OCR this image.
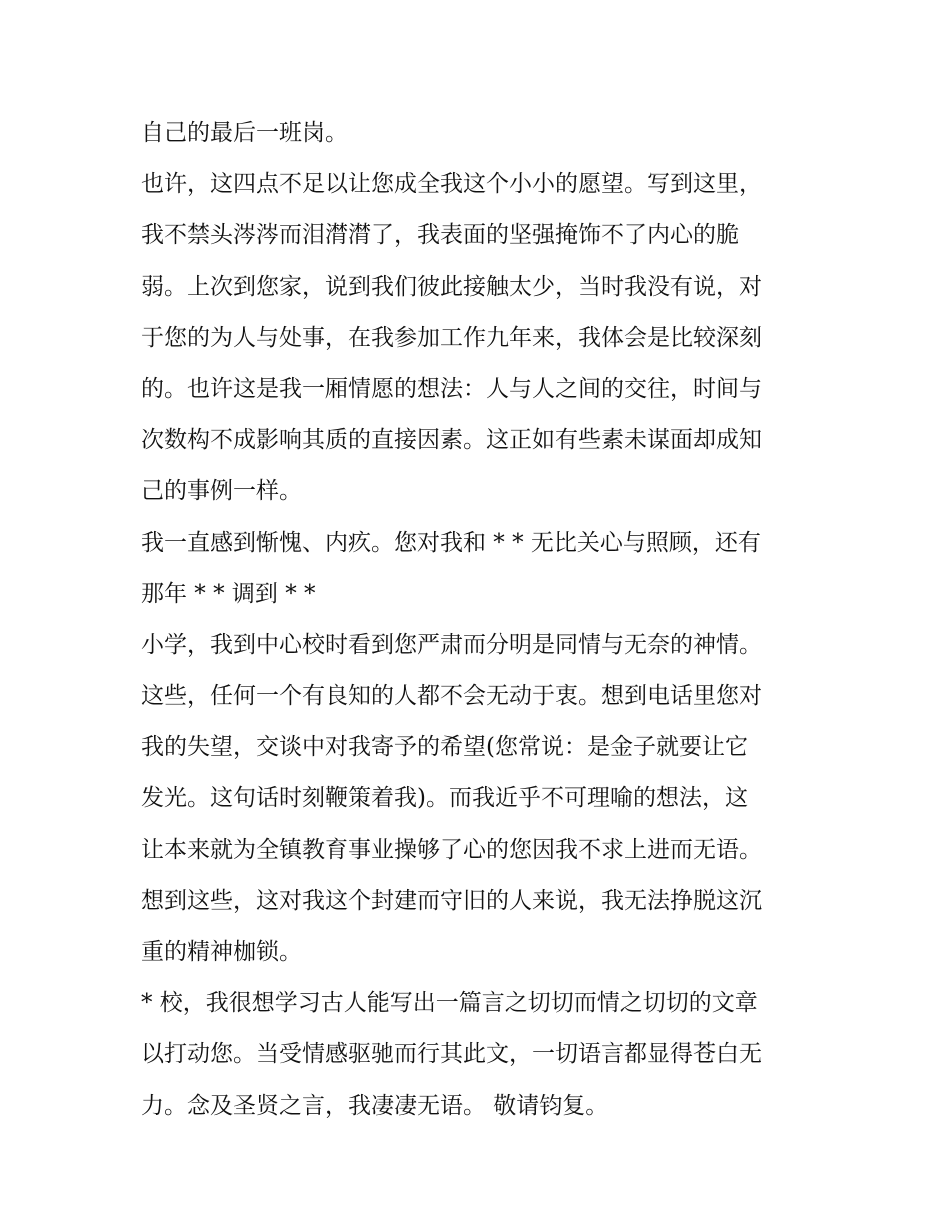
自己的最后一班岗。
也许，这四点不足以让您成全我这个小小的愿望。写到这里，
我不禁头涔涔而泪潸潸了，我表面的坚强掩饰不了内心的脆
弱。上次到您家，说到我们彼此接触太少，当时我没有说，对
于您的为人与处事，在我参加工作九年来，我体会是比较深刻
的。也许这是我一厢情愿的想法：人与人之间的交往，时间与
次数构不成影响其质的直接因素。这正如有些素未谋面却成知
己的事例一样。
我一直感到惭愧、内疚。您对我和 * * 无比关心与照顾，还有
那年 * * 调到 * *
小学，我到中心校时看到您严肃而分明是同情与无奈的神情。
这些，任何一个有良知的人都不会无动于衷。想到电话里您对
我的失望，交谈中对我寄予的希望(您常说：是金子就要让它
发光。这句话时刻鞭策着我)。而我近乎不可理喻的想法，这
让本来就为全镇教育事业操够了心的您因我不求上进而无语。
想到这些，这对我这个封建而守旧的人来说，我无法挣脱这沉
重的精神枷锁。
* 校，我很想学习古人能写出一篇言之切切而情之切切的文章
以打动您。当受情感驱驰而行其此文，一切语言都显得苍白无
力。念及圣贤之言，我凄凄无语。 敬请钧复。
